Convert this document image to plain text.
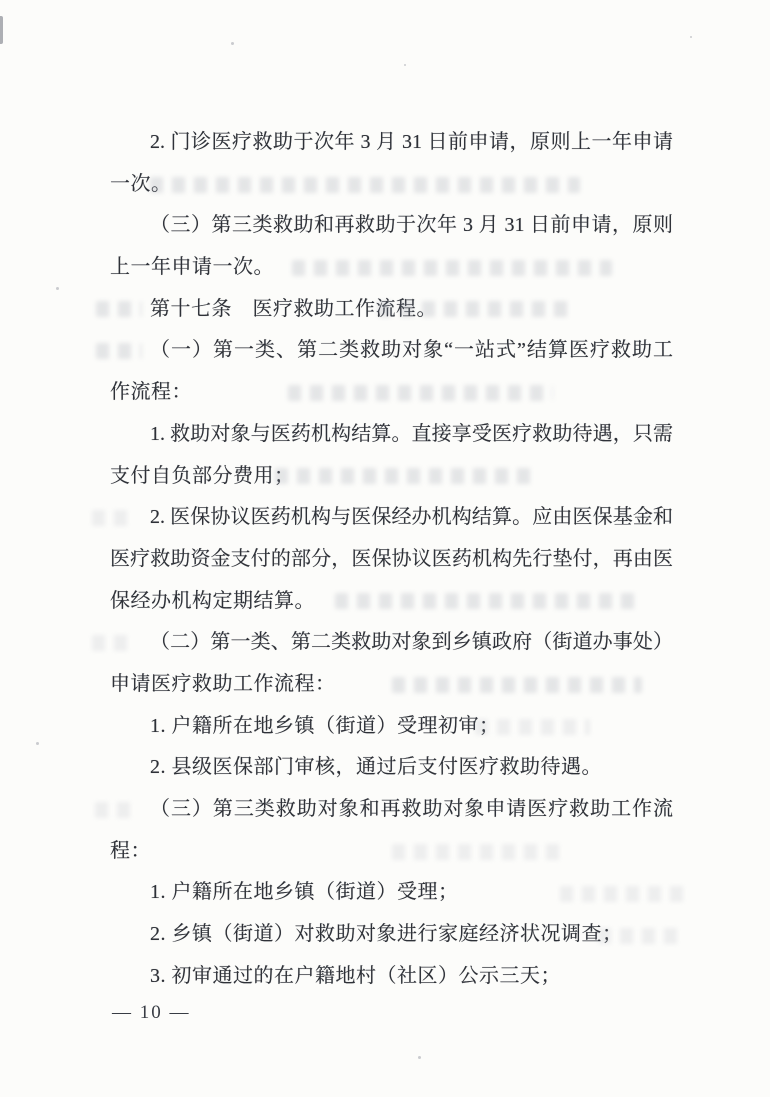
2. 门诊医疗救助于次年 3 月 31 日前申请，原则上一年申请
一次。
（三）第三类救助和再救助于次年 3 月 31 日前申请，原则
上一年申请一次。
第十七条　医疗救助工作流程。
（一）第一类、第二类救助对象“一站式”结算医疗救助工
作流程：
1. 救助对象与医药机构结算。直接享受医疗救助待遇，只需
支付自负部分费用；
2. 医保协议医药机构与医保经办机构结算。应由医保基金和
医疗救助资金支付的部分，医保协议医药机构先行垫付，再由医
保经办机构定期结算。
（二）第一类、第二类救助对象到乡镇政府（街道办事处）
申请医疗救助工作流程：
1. 户籍所在地乡镇（街道）受理初审；
2. 县级医保部门审核，通过后支付医疗救助待遇。
（三）第三类救助对象和再救助对象申请医疗救助工作流
程：
1. 户籍所在地乡镇（街道）受理；
2. 乡镇（街道）对救助对象进行家庭经济状况调查；
3. 初审通过的在户籍地村（社区）公示三天；
— 10 —
